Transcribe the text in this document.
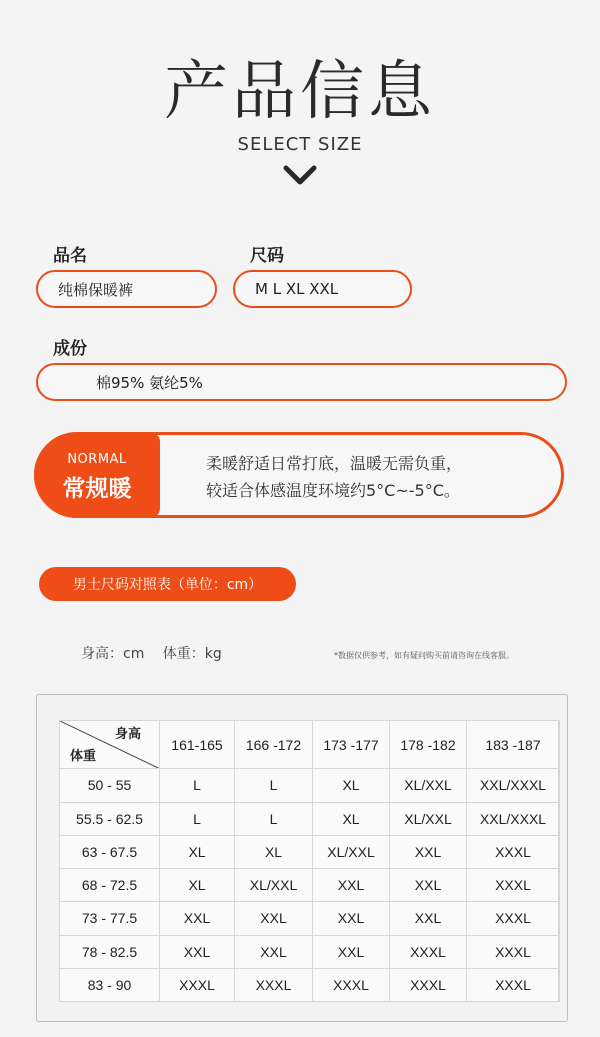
产品信息
SELECT SIZE
品名
纯棉保暖裤
尺码
M L XL XXL
成份
棉95% 氨纶5%
NORMAL
常规暖
柔暖舒适日常打底，温暖无需负重，
较适合体感温度环境约5°C~-5°C。
男士尺码对照表（单位：cm）
身高：cm　 体重：kg	*数据仅供参考，如有疑问购买前请咨询在线客服。
身高
体重	161-165	166 -172	173 -177	178 -182	183 -187
50 - 55	L	L	XL	XL/XXL	XXL/XXXL
55.5 - 62.5	L	L	XL	XL/XXL	XXL/XXXL
63 - 67.5	XL	XL	XL/XXL	XXL	XXXL
68 - 72.5	XL	XL/XXL	XXL	XXL	XXXL
73 - 77.5	XXL	XXL	XXL	XXL	XXXL
78 - 82.5	XXL	XXL	XXL	XXXL	XXXL
83 - 90	XXXL	XXXL	XXXL	XXXL	XXXL
